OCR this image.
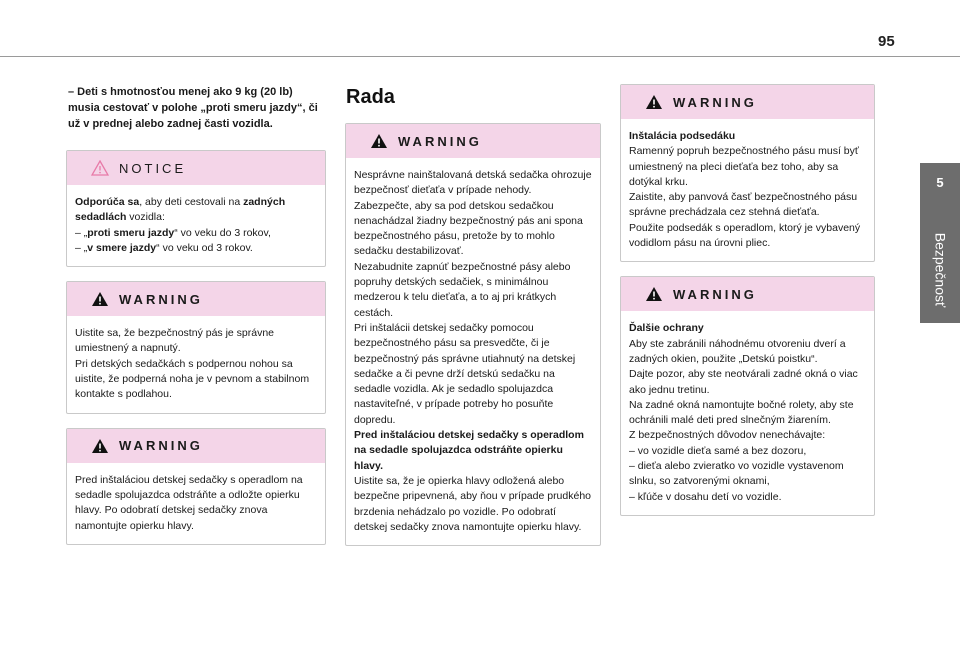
95
5
Bezpečnosť

– Deti s hmotnosťou menej ako 9 kg (20 lb) musia cestovať v polohe „proti smeru jazdy“, či už v prednej alebo zadnej časti vozidla.

NOTICE

Odporúča sa, aby deti cestovali na zadných sedadlách vozidla:

– „proti smeru jazdy“ vo veku do 3 rokov,

– „v smere jazdy“ vo veku od 3 rokov.

WARNING

Uistite sa, že bezpečnostný pás je správne umiestnený a napnutý.

Pri detských sedačkách s podpernou nohou sa uistite, že podperná noha je v pevnom a stabilnom kontakte s podlahou.

WARNING

Pred inštaláciou detskej sedačky s operadlom na sedadle spolujazdca odstráňte a odložte opierku hlavy. Po odobratí detskej sedačky znova namontujte opierku hlavy.

Rada
WARNING

Nesprávne nainštalovaná detská sedačka ohrozuje bezpečnosť dieťaťa v prípade nehody.

Zabezpečte, aby sa pod detskou sedačkou nenachádzal žiadny bezpečnostný pás ani spona bezpečnostného pásu, pretože by to mohlo sedačku destabilizovať.

Nezabudnite zapnúť bezpečnostné pásy alebo popruhy detských sedačiek, s minimálnou medzerou k telu dieťaťa, a to aj pri krátkych cestách.

Pri inštalácii detskej sedačky pomocou bezpečnostného pásu sa presvedčte, či je bezpečnostný pás správne utiahnutý na detskej sedačke a či pevne drží detskú sedačku na sedadle vozidla. Ak je sedadlo spolujazdca nastaviteľné, v prípade potreby ho posuňte dopredu.

Pred inštaláciou detskej sedačky s operadlom na sedadle spolujazdca odstráňte opierku hlavy.

Uistite sa, že je opierka hlavy odložená alebo bezpečne pripevnená, aby ňou v prípade prudkého brzdenia nehádzalo po vozidle. Po odobratí detskej sedačky znova namontujte opierku hlavy.

WARNING

Inštalácia podsedáku

Ramenný popruh bezpečnostného pásu musí byť umiestnený na pleci dieťaťa bez toho, aby sa dotýkal krku.

Zaistite, aby panvová časť bezpečnostného pásu správne prechádzala cez stehná dieťaťa.

Použite podsedák s operadlom, ktorý je vybavený vodidlom pásu na úrovni pliec.

WARNING

Ďalšie ochrany

Aby ste zabránili náhodnému otvoreniu dverí a zadných okien, použite „Detskú poistku“.

Dajte pozor, aby ste neotvárali zadné okná o viac ako jednu tretinu.

Na zadné okná namontujte bočné rolety, aby ste ochránili malé deti pred slnečným žiarením.

Z bezpečnostných dôvodov nenechávajte:

– vo vozidle dieťa samé a bez dozoru,

– dieťa alebo zvieratko vo vozidle vystavenom slnku, so zatvorenými oknami,

– kľúče v dosahu detí vo vozidle.
